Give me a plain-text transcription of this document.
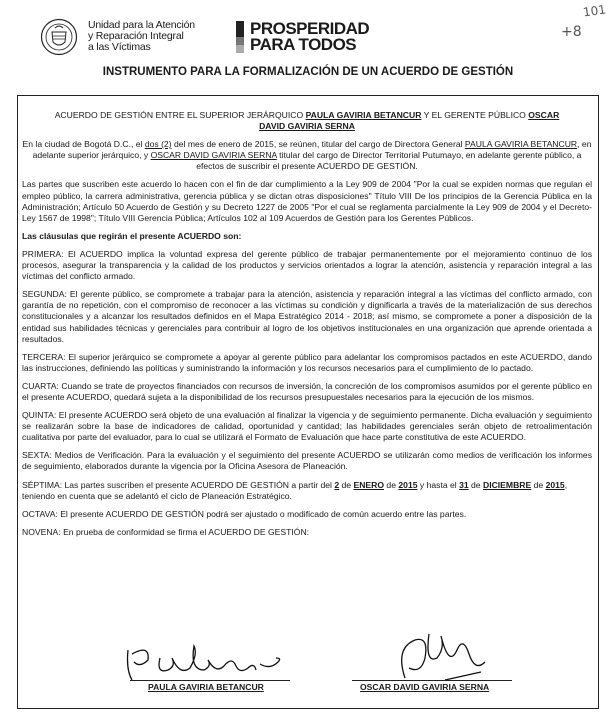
Unidad para la Atención
y Reparación Integral
a las Víctimas
PROSPERIDAD
PARA TODOS
101
+8
INSTRUMENTO PARA LA FORMALIZACIÓN DE UN ACUERDO DE GESTIÓN

ACUERDO DE GESTIÓN ENTRE EL SUPERIOR JERÁRQUICO PAULA GAVIRIA BETANCUR Y EL GERENTE PÚBLICO OSCAR DAVID GAVIRIA SERNA

En la ciudad de Bogotá D.C., el dos (2) del mes de enero de 2015, se reúnen, titular del cargo de Directora General PAULA GAVIRIA BETANCUR, en adelante superior jerárquico, y OSCAR DAVID GAVIRIA SERNA titular del cargo de Director Territorial Putumayo, en adelante gerente público, a efectos de suscribir el presente ACUERDO DE GESTIÓN.

Las partes que suscriben este acuerdo lo hacen con el fin de dar cumplimiento a la Ley 909 de 2004 "Por la cual se expiden normas que regulan el empleo público, la carrera administrativa, gerencia pública y se dictan otras disposiciones" Título VIII De los principios de la Gerencia Pública en la Administración; Artículo 50 Acuerdo de Gestión y su Decreto 1227 de 2005 "Por el cual se reglamenta parcialmente la Ley 909 de 2004 y el Decreto-Ley 1567 de 1998"; Título VIII Gerencia Pública; Artículos 102 al 109 Acuerdos de Gestión para los Gerentes Públicos.

Las cláusulas que regirán el presente ACUERDO son:

PRIMERA: El ACUERDO implica la voluntad expresa del gerente público de trabajar permanentemente por el mejoramiento continuo de los procesos, asegurar la transparencia y la calidad de los productos y servicios orientados a lograr la atención, asistencia y reparación integral a las víctimas del conflicto armado.

SEGUNDA: El gerente público, se compromete a trabajar para la atención, asistencia y reparación integral a las víctimas del conflicto armado, con garantía de no repetición, con el compromiso de reconocer a las víctimas su condición y dignificarla a través de la materialización de sus derechos constitucionales y a alcanzar los resultados definidos en el Mapa Estratégico 2014 - 2018; así mismo, se compromete a poner a disposición de la entidad sus habilidades técnicas y gerenciales para contribuir al logro de los objetivos institucionales en una organización que aprende orientada a resultados.

TERCERA: El superior jerárquico se compromete a apoyar al gerente público para adelantar los compromisos pactados en este ACUERDO, dando las instrucciones, definiendo las políticas y suministrando la información y los recursos necesarios para el cumplimiento de lo pactado.

CUARTA: Cuando se trate de proyectos financiados con recursos de inversión, la concreción de los compromisos asumidos por el gerente público en el presente ACUERDO, quedará sujeta a la disponibilidad de los recursos presupuestales necesarios para la ejecución de los mismos.

QUINTA: El presente ACUERDO será objeto de una evaluación al finalizar la vigencia y de seguimiento permanente. Dicha evaluación y seguimiento se realizarán sobre la base de indicadores de calidad, oportunidad y cantidad; las habilidades gerenciales serán objeto de retroalimentación cualitativa por parte del evaluador, para lo cual se utilizará el Formato de Evaluación que hace parte constitutiva de este ACUERDO.

SEXTA: Medios de Verificación. Para la evaluación y el seguimiento del presente ACUERDO se utilizarán como medios de verificación los informes de seguimiento, elaborados durante la vigencia por la Oficina Asesora de Planeación.

SÉPTIMA: Las partes suscriben el presente ACUERDO DE GESTIÓN a partir del 2 de ENERO de 2015 y hasta el 31 de DICIEMBRE de 2015, teniendo en cuenta que se adelantó el ciclo de Planeación Estratégico.

OCTAVA: El presente ACUERDO DE GESTIÓN podrá ser ajustado o modificado de común acuerdo entre las partes.

NOVENA: En prueba de conformidad se firma el ACUERDO DE GESTIÓN:

PAULA GAVIRIA BETANCUR	OSCAR DAVID GAVIRIA SERNA
